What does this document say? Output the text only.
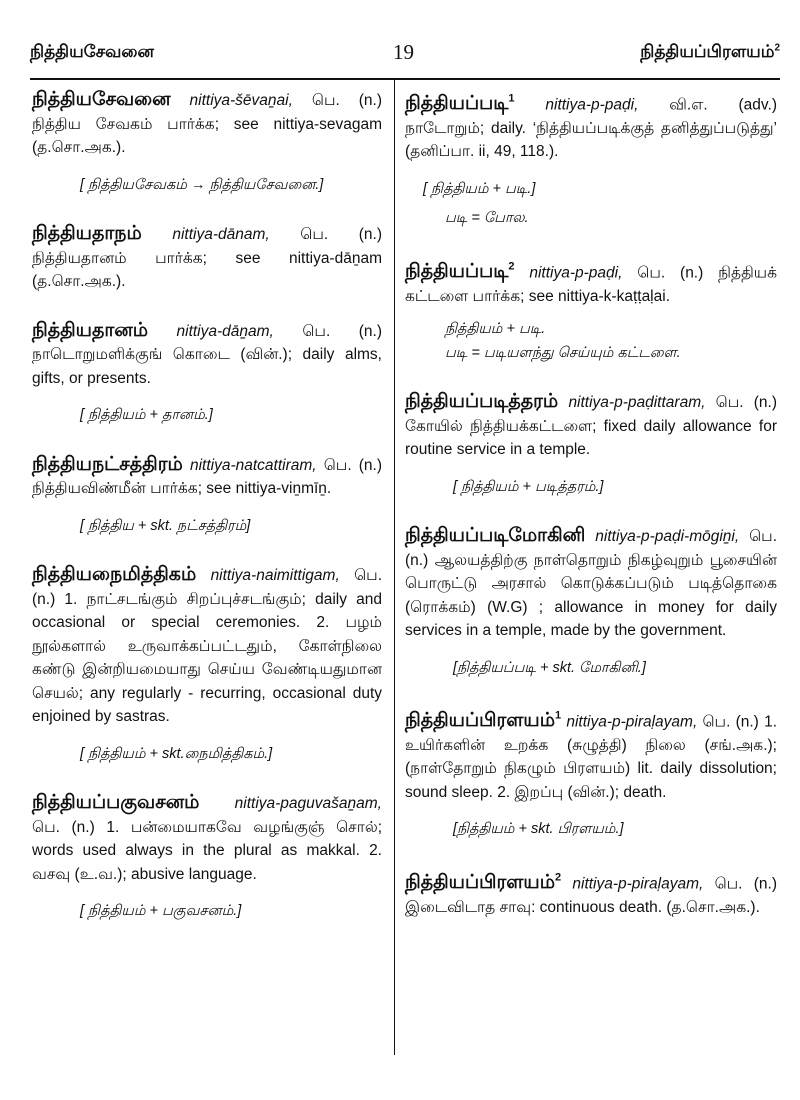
நித்தியசேவனை	19	நித்தியப்பிரளயம்$^2$
நித்தியசேவனை nittiya-šēvaṉai, பெ. (n.) நித்திய சேவகம் பார்க்க; see nittiya-sevagam (த.சொ.அக.).
[ நித்தியசேவகம் → நித்தியசேவனை.]
நித்தியதாநம் nittiya-dānam, பெ. (n.) நித்தியதானம் பார்க்க; see nittiya-dāṉam (த.சொ.அக.).
நித்தியதானம் nittiya-dāṉam, பெ. (n.) நாடொறுமளிக்குங் கொடை (வின்.); daily alms, gifts, or presents.
[ நித்தியம் + தானம்.]
நித்தியநட்சத்திரம் nittiya-natcattiram, பெ. (n.) நித்தியவிண்மீன் பார்க்க; see nittiya-viṉmīṉ.
[ நித்திய + skt. நட்சத்திரம்]
நித்தியநைமித்திகம் nittiya-naimittigam, பெ. (n.) 1. நாட்சடங்கும் சிறப்புச்சடங்கும்; daily and occasional or special ceremonies. 2. பழம் நூல்களால் உருவாக்கப்பட்டதும், கோள்நிலை கண்டு இன்றியமையாது செய்ய வேண்டியதுமான செயல்; any regularly - recurring, occasional duty enjoined by sastras.
[ நித்தியம் + skt.நைமித்திகம்.]
நித்தியப்பகுவசனம் nittiya-paguvašaṉam, பெ. (n.) 1. பன்மையாகவே வழங்குஞ் சொல்; words used always in the plural as makkal. 2. வசவு (உ.வ.); abusive language.
[ நித்தியம் + பகுவசனம்.]
நித்தியப்படி$^1$ nittiya-p-paḍi, வி.எ. (adv.) நாடோறும்; daily. ‘நித்தியப்படிக்குத் தனித்துப்படுத்து’ (தனிப்பா. ii, 49, 118.).
[ நித்தியம் + படி.]
படி = போல.
நித்தியப்படி$^2$ nittiya-p-paḍi, பெ. (n.) நித்தியக் கட்டளை பார்க்க; see nittiya-k-kaṭṭaḷai.
நித்தியம் + படி.
படி = படியளந்து செய்யும் கட்டளை.
நித்தியப்படித்தரம் nittiya-p-paḍittaram, பெ. (n.) கோயில் நித்தியக்கட்டளை; fixed daily allowance for routine service in a temple.
[ நித்தியம் + படித்தரம்.]
நித்தியப்படிமோகினி nittiya-p-paḍi-mōgiṉi, பெ. (n.) ஆலயத்திற்கு நாள்தொறும் நிகழ்வுறும் பூசையின் பொருட்டு அரசால் கொடுக்கப்படும் படித்தொகை (ரொக்கம்) (W.G) ; allowance in money for daily services in a temple, made by the government.
[நித்தியப்படி + skt. மோகினி.]
நித்தியப்பிரளயம்$^1$ nittiya-p-piraḷayam, பெ. (n.) 1. உயிர்களின் உறக்க (சுழுத்தி) நிலை (சங்.அக.); (நாள்தோறும் நிகழும் பிரளயம்) lit. daily dissolution; sound sleep. 2. இறப்பு (வின்.); death.
[நித்தியம் + skt. பிரளயம்.]
நித்தியப்பிரளயம்$^2$ nittiya-p-piraḷayam, பெ. (n.) இடைவிடாத சாவு: continuous death. (த.சொ.அக.).
